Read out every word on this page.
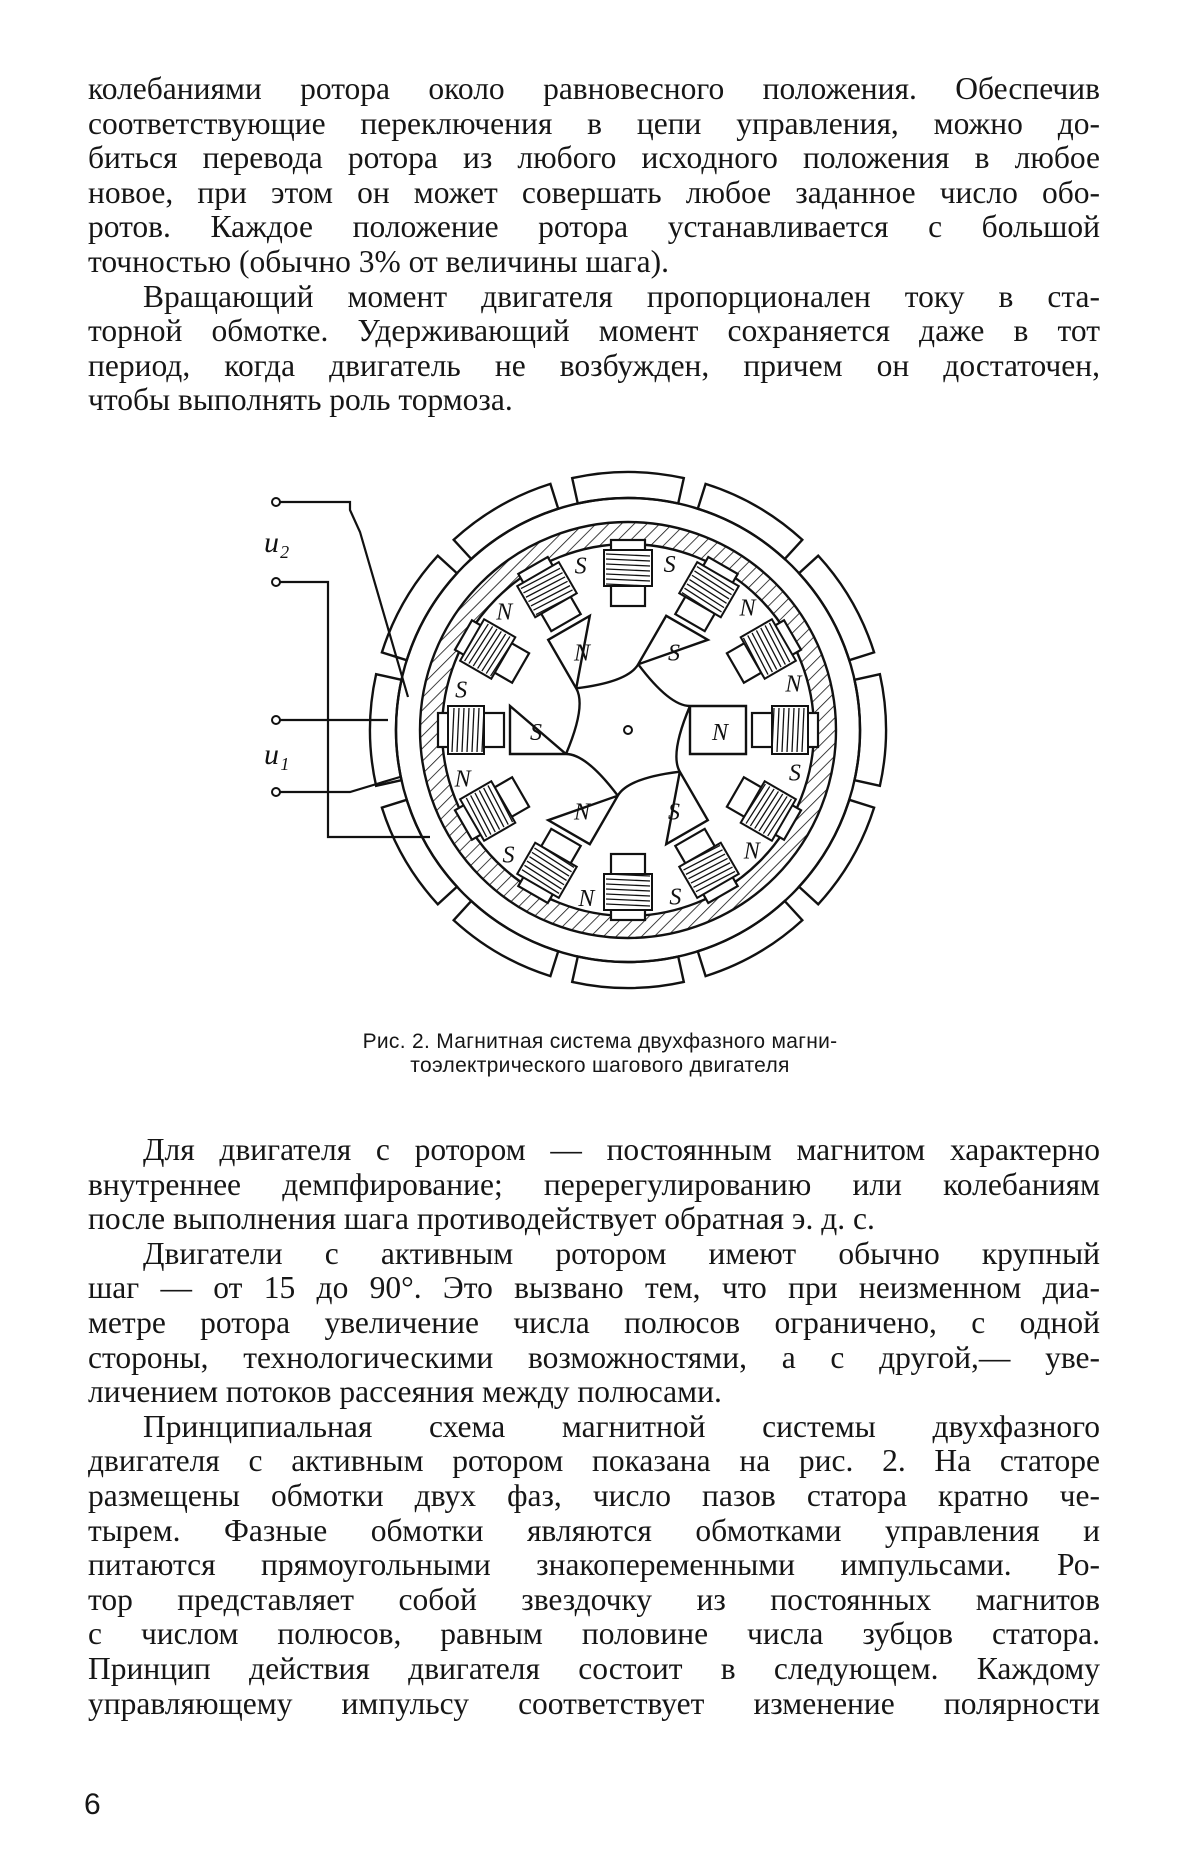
колебаниями ротора около равновесного положения. Обеспечив

соответствующие переключения в цепи управления, можно до-

биться перевода ротора из любого исходного положения в любое

новое, при этом он может совершать любое заданное число обо-

ротов. Каждое положение ротора устанавливается с большой

точностью (обычно 3% от величины шага).

Вращающий момент двигателя пропорционален току в ста-

торной обмотке. Удерживающий момент сохраняется даже в тот

период, когда двигатель не возбужден, причем он достаточен,

чтобы выполнять роль тормоза.

N	S
N
S
N
S
S	S
N
N
S
N
S
N
S
N
S
N
u₂
u₁
Рис. 2. Магнитная система двухфазного магни-
тоэлектрического шагового двигателя

Для двигателя с ротором — постоянным магнитом характерно

внутреннее демпфирование; перерегулированию или колебаниям

после выполнения шага противодействует обратная э. д. с.

Двигатели с активным ротором имеют обычно крупный

шаг — от 15 до 90°. Это вызвано тем, что при неизменном диа-

метре ротора увеличение числа полюсов ограничено, с одной

стороны, технологическими возможностями, а с другой,— уве-

личением потоков рассеяния между полюсами.

Принципиальная схема магнитной системы двухфазного

двигателя с активным ротором показана на рис. 2. На статоре

размещены обмотки двух фаз, число пазов статора кратно че-

тырем. Фазные обмотки являются обмотками управления и

питаются прямоугольными знакопеременными импульсами. Ро-

тор представляет собой звездочку из постоянных магнитов

с числом полюсов, равным половине числа зубцов статора.

Принцип действия двигателя состоит в следующем. Каждому

управляющему импульсу соответствует изменение полярности

6
